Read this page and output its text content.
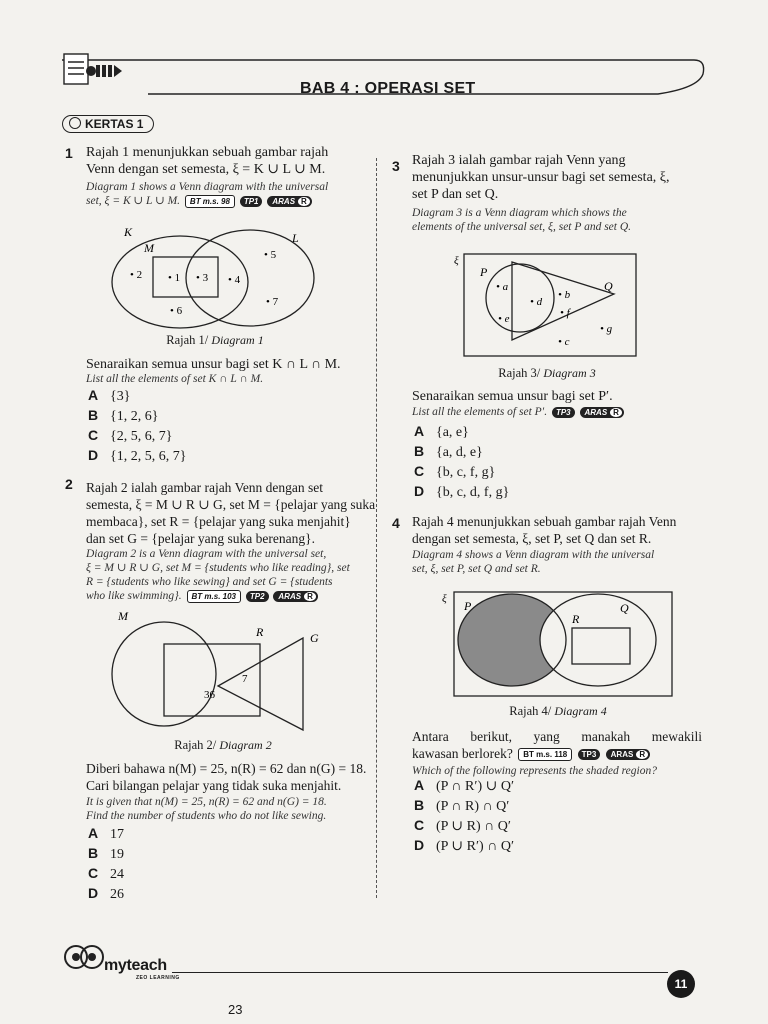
BAB 4 : OPERASI SET
KERTAS 1
1 Rajah 1 menunjukkan sebuah gambar rajah
Venn dengan set semesta, ξ = K ∪ L ∪ M.
Diagram 1 shows a Venn diagram with the universal
set, ξ = K ∪ L ∪ M. BT m.s. 98 TP1 ARAS R
K	L
M	• 5
• 2 • 1 • 3 • 4
• 6
• 7
Rajah 1/ Diagram 1
Senaraikan semua unsur bagi set K ∩ L ∩ M.
List all the elements of set K ∩ L ∩ M.
A {3}
B {1, 2, 6}
C {2, 5, 6, 7}
D {1, 2, 5, 6, 7}
2 Rajah 2 ialah gambar rajah Venn dengan set
semesta, ξ = M ∪ R ∪ G, set M = {pelajar yang suka
membaca}, set R = {pelajar yang suka menjahit}
dan set G = {pelajar yang suka berenang}.
Diagram 2 is a Venn diagram with the universal set,
ξ = M ∪ R ∪ G, set M = {students who like reading}, set
R = {students who like sewing} and set G = {students
who like swimming}. BT m.s. 103 TP2 ARAS R
M
R	G
7
36
Rajah 2/ Diagram 2
Diberi bahawa n(M) = 25, n(R) = 62 dan n(G) = 18.
Cari bilangan pelajar yang tidak suka menjahit.
It is given that n(M) = 25, n(R) = 62 and n(G) = 18.
Find the number of students who do not like sewing.
A 17
B 19
C 24
D 26
3 Rajah 3 ialah gambar rajah Venn yang
menunjukkan unsur-unsur bagi set semesta, ξ,
set P dan set Q.
Diagram 3 is a Venn diagram which shows the
elements of the universal set, ξ, set P and set Q.
ξ
P
Q
• a
• d
• b
• e	• f
• g
• c
Rajah 3/ Diagram 3
Senaraikan semua unsur bagi set P′.
List all the elements of set P′. TP3 ARAS R
A {a, e}
B {a, d, e}
C {b, c, f, g}
D {b, c, d, f, g}
4 Rajah 4 menunjukkan sebuah gambar rajah Venn
dengan set semesta, ξ, set P, set Q dan set R.
Diagram 4 shows a Venn diagram with the universal
set, ξ, set P, set Q and set R.
ξ P	Q
R
Rajah 4/ Diagram 4
Antara berikut, yang manakah mewakili
kawasan berlorek? BT m.s. 118 TP3 ARAS R
Which of the following represents the shaded region?
A (P ∩ R′) ∪ Q′
B (P ∩ R) ∩ Q′
C (P ∪ R) ∩ Q′
D (P ∪ R′) ∩ Q′
myteach
ZEO LEARNING	11
23
